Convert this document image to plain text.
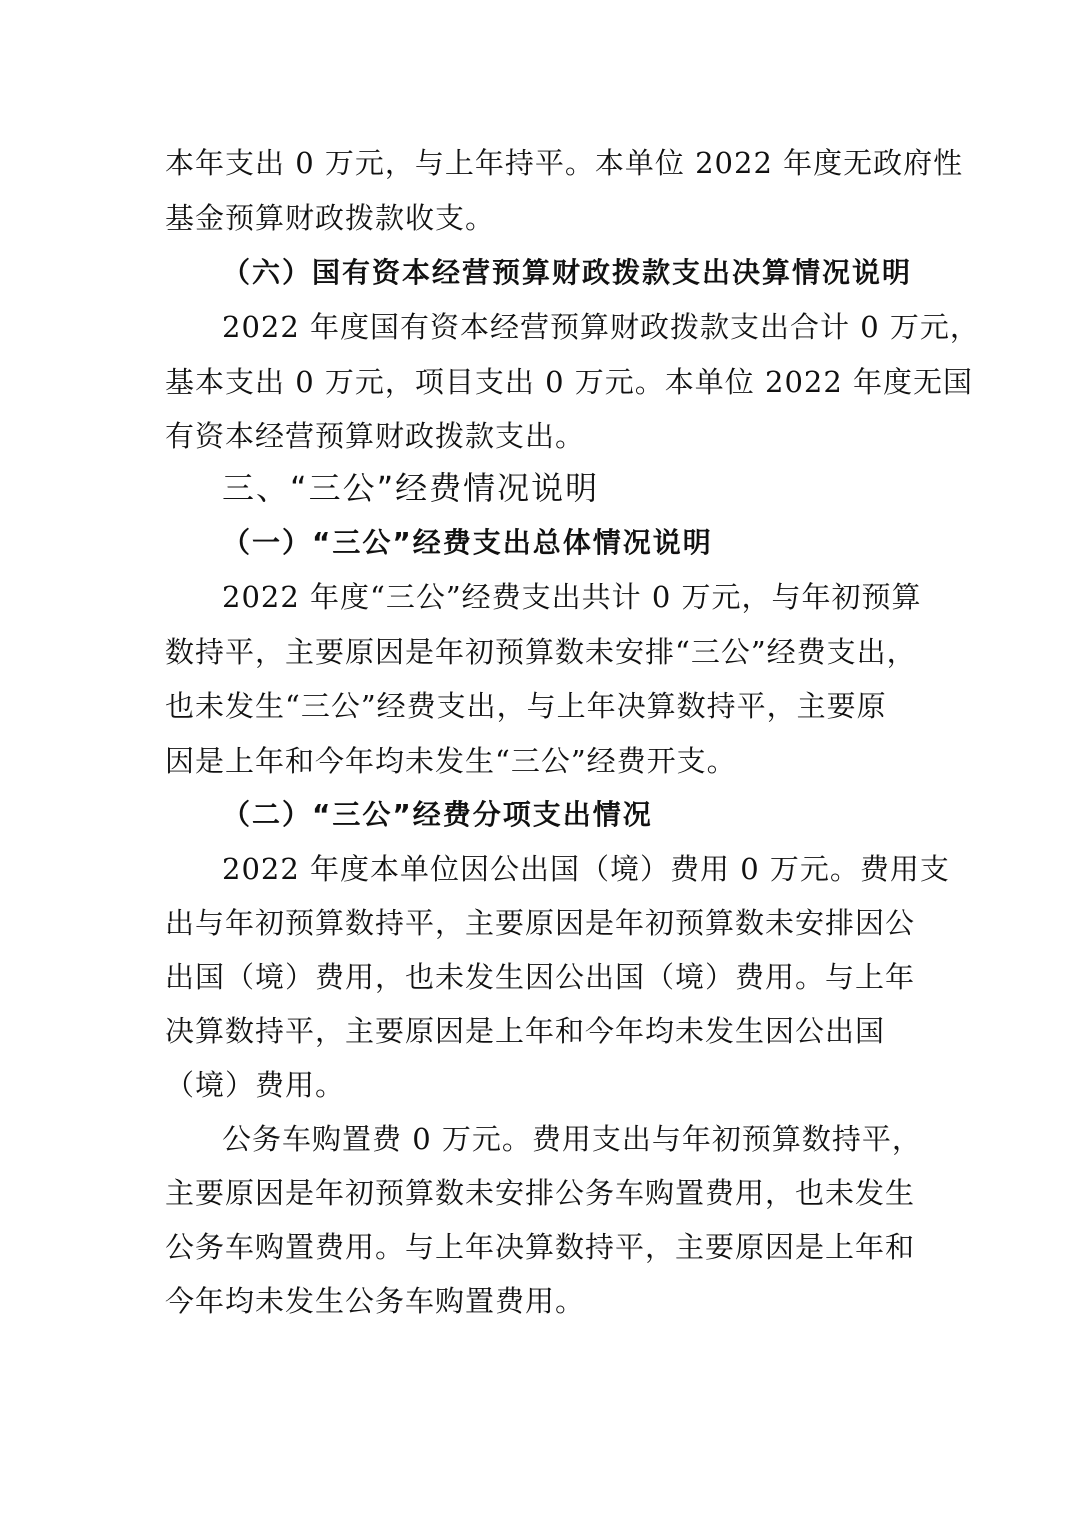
本年支出 0 万元，与上年持平。本单位 2022 年度无政府性
基金预算财政拨款收支。
（六）国有资本经营预算财政拨款支出决算情况说明
2022 年度国有资本经营预算财政拨款支出合计 0 万元，
基本支出 0 万元，项目支出 0 万元。本单位 2022 年度无国
有资本经营预算财政拨款支出。
三、“三公”经费情况说明
（一）“三公”经费支出总体情况说明
2022 年度“三公”经费支出共计 0 万元，与年初预算
数持平，主要原因是年初预算数未安排“三公”经费支出，
也未发生“三公”经费支出，与上年决算数持平，主要原
因是上年和今年均未发生“三公”经费开支。
（二）“三公”经费分项支出情况
2022 年度本单位因公出国（境）费用 0 万元。费用支
出与年初预算数持平，主要原因是年初预算数未安排因公
出国（境）费用，也未发生因公出国（境）费用。与上年
决算数持平，主要原因是上年和今年均未发生因公出国
（境）费用。
公务车购置费 0 万元。费用支出与年初预算数持平，
主要原因是年初预算数未安排公务车购置费用，也未发生
公务车购置费用。与上年决算数持平，主要原因是上年和
今年均未发生公务车购置费用。
